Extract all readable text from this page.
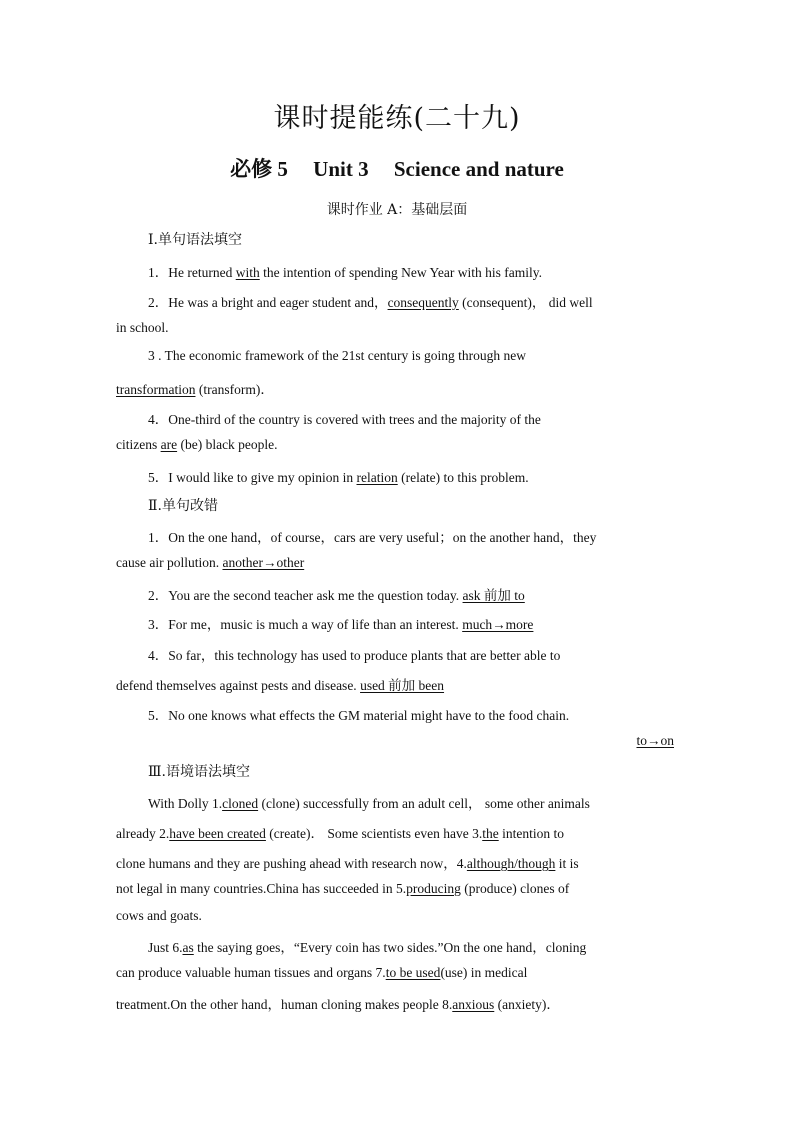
课时提能练(二十九)
必修 5 Unit 3 Science and nature
课时作业 A：基础层面
Ⅰ.单句语法填空
1．He returned with the intention of spending New Year with his family.
2．He was a bright and eager student and，consequently (consequent)， did well
in school.
3 . The economic framework of the 21st century is going through new
transformation (transform)．
4．One-third of the country is covered with trees and the majority of the
citizens are (be) black people.
5．I would like to give my opinion in relation (relate) to this problem.
Ⅱ.单句改错
1．On the one hand，of course，cars are very useful；on the another hand，they
cause air pollution. another→other
2．You are the second teacher ask me the question today. ask 前加 to
3．For me，music is much a way of life than an interest. much→more
4．So far，this technology has used to produce plants that are better able to
defend themselves against pests and disease. used 前加 been
5．No one knows what effects the GM material might have to the food chain.
to→on
Ⅲ.语境语法填空
With Dolly 1.cloned (clone) successfully from an adult cell， some other animals
already 2.have been created (create)． Some scientists even have 3.the intention to
clone humans and they are pushing ahead with research now，4.although/though it is
not legal in many countries.China has succeeded in 5.producing (produce) clones of
cows and goats.
Just 6.as the saying goes，“Every coin has two sides.”On the one hand，cloning
can produce valuable human tissues and organs 7.to be used(use) in medical
treatment.On the other hand，human cloning makes people 8.anxious (anxiety)．
